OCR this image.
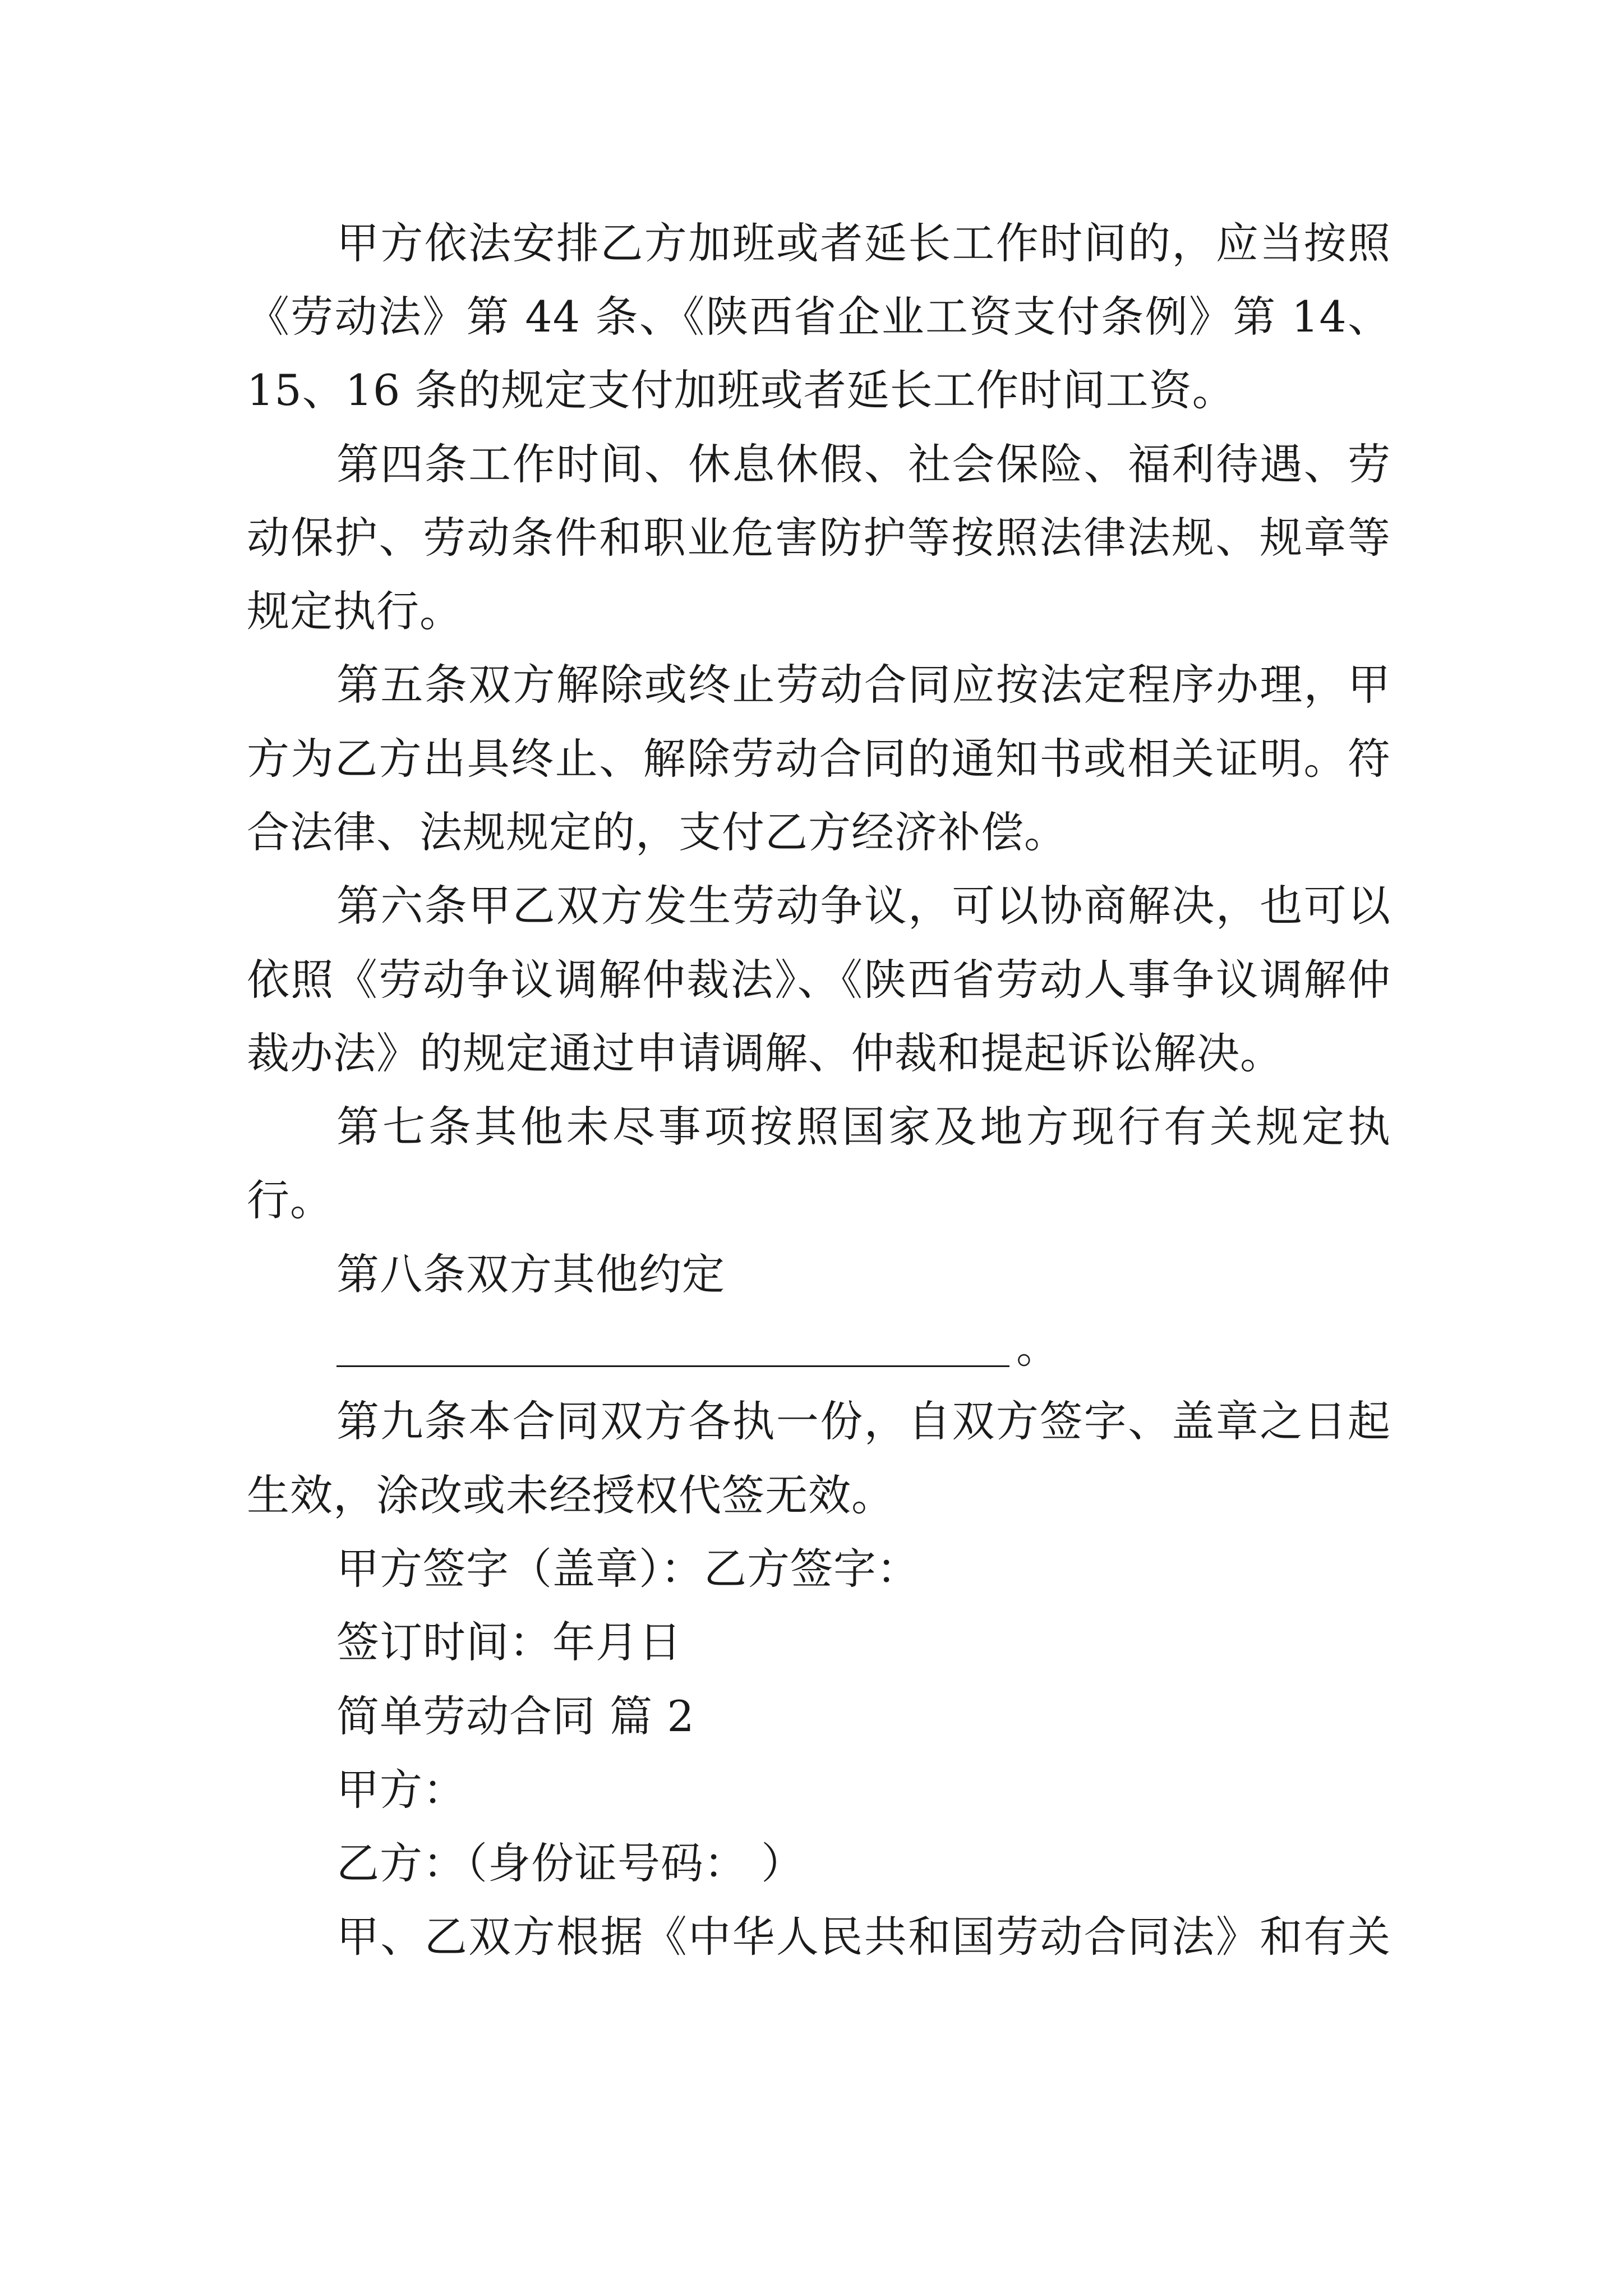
甲方依法安排乙方加班或者延长工作时间的，应当按照
《劳动法》第 44 条、《陕西省企业工资支付条例》第 14、
15、16 条的规定支付加班或者延长工作时间工资。
第四条工作时间、休息休假、社会保险、福利待遇、劳
动保护、劳动条件和职业危害防护等按照法律法规、规章等
规定执行。
第五条双方解除或终止劳动合同应按法定程序办理，甲
方为乙方出具终止、解除劳动合同的通知书或相关证明。符
合法律、法规规定的，支付乙方经济补偿。
第六条甲乙双方发生劳动争议，可以协商解决，也可以
依照《劳动争议调解仲裁法》、《陕西省劳动人事争议调解仲
裁办法》的规定通过申请调解、仲裁和提起诉讼解决。
第七条其他未尽事项按照国家及地方现行有关规定执
行。
第八条双方其他约定
。
第九条本合同双方各执一份，自双方签字、盖章之日起
生效，涂改或未经授权代签无效。
甲方签字（盖章）：乙方签字：
签订时间：年月日
简单劳动合同 篇 2
甲方：
乙方：（身份证号码： ）
甲、乙双方根据《中华人民共和国劳动合同法》和有关
